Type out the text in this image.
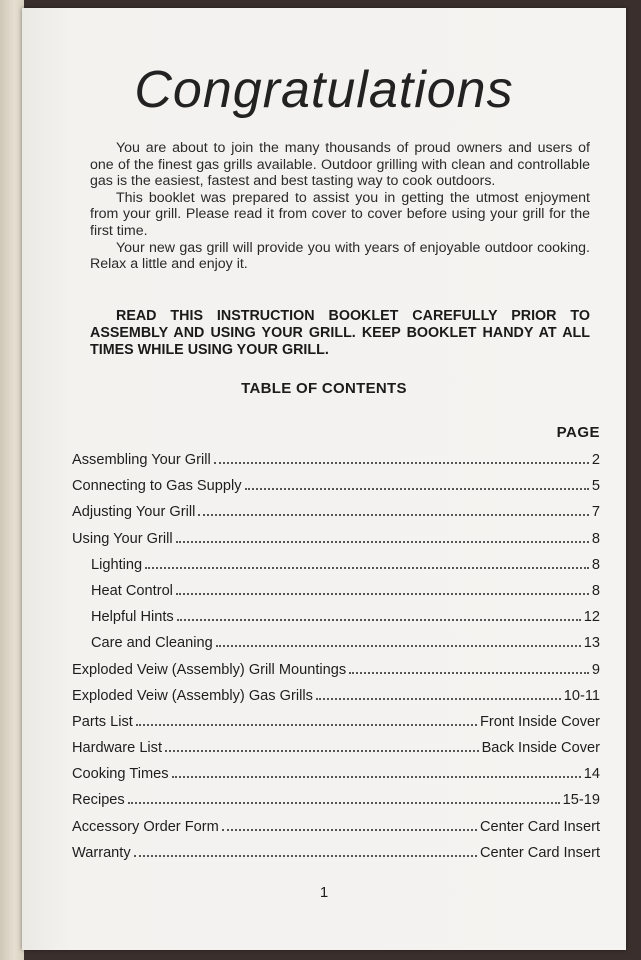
Congratulations

You are about to join the many thousands of proud owners and users of one of the finest gas grills available. Outdoor grilling with clean and controllable gas is the easiest, fastest and best tasting way to cook outdoors.

This booklet was prepared to assist you in getting the utmost enjoyment from your grill. Please read it from cover to cover before using your grill for the first time.

Your new gas grill will provide you with years of enjoyable outdoor cooking. Relax a little and enjoy it.

READ THIS INSTRUCTION BOOKLET CAREFULLY PRIOR TO ASSEMBLY AND USING YOUR GRILL. KEEP BOOKLET HANDY AT ALL TIMES WHILE USING YOUR GRILL.
TABLE OF CONTENTS
PAGE
Assembling Your Grill	2
Connecting to Gas Supply	5
Adjusting Your Grill	7
Using Your Grill	8
Lighting	8
Heat Control	8
Helpful Hints	12
Care and Cleaning	13
Exploded Veiw (Assembly) Grill Mountings	9
Exploded Veiw (Assembly) Gas Grills	10-11
Parts List	Front Inside Cover
Hardware List	Back Inside Cover
Cooking Times	14
Recipes	15-19
Accessory Order Form	Center Card Insert
Warranty	Center Card Insert
1
